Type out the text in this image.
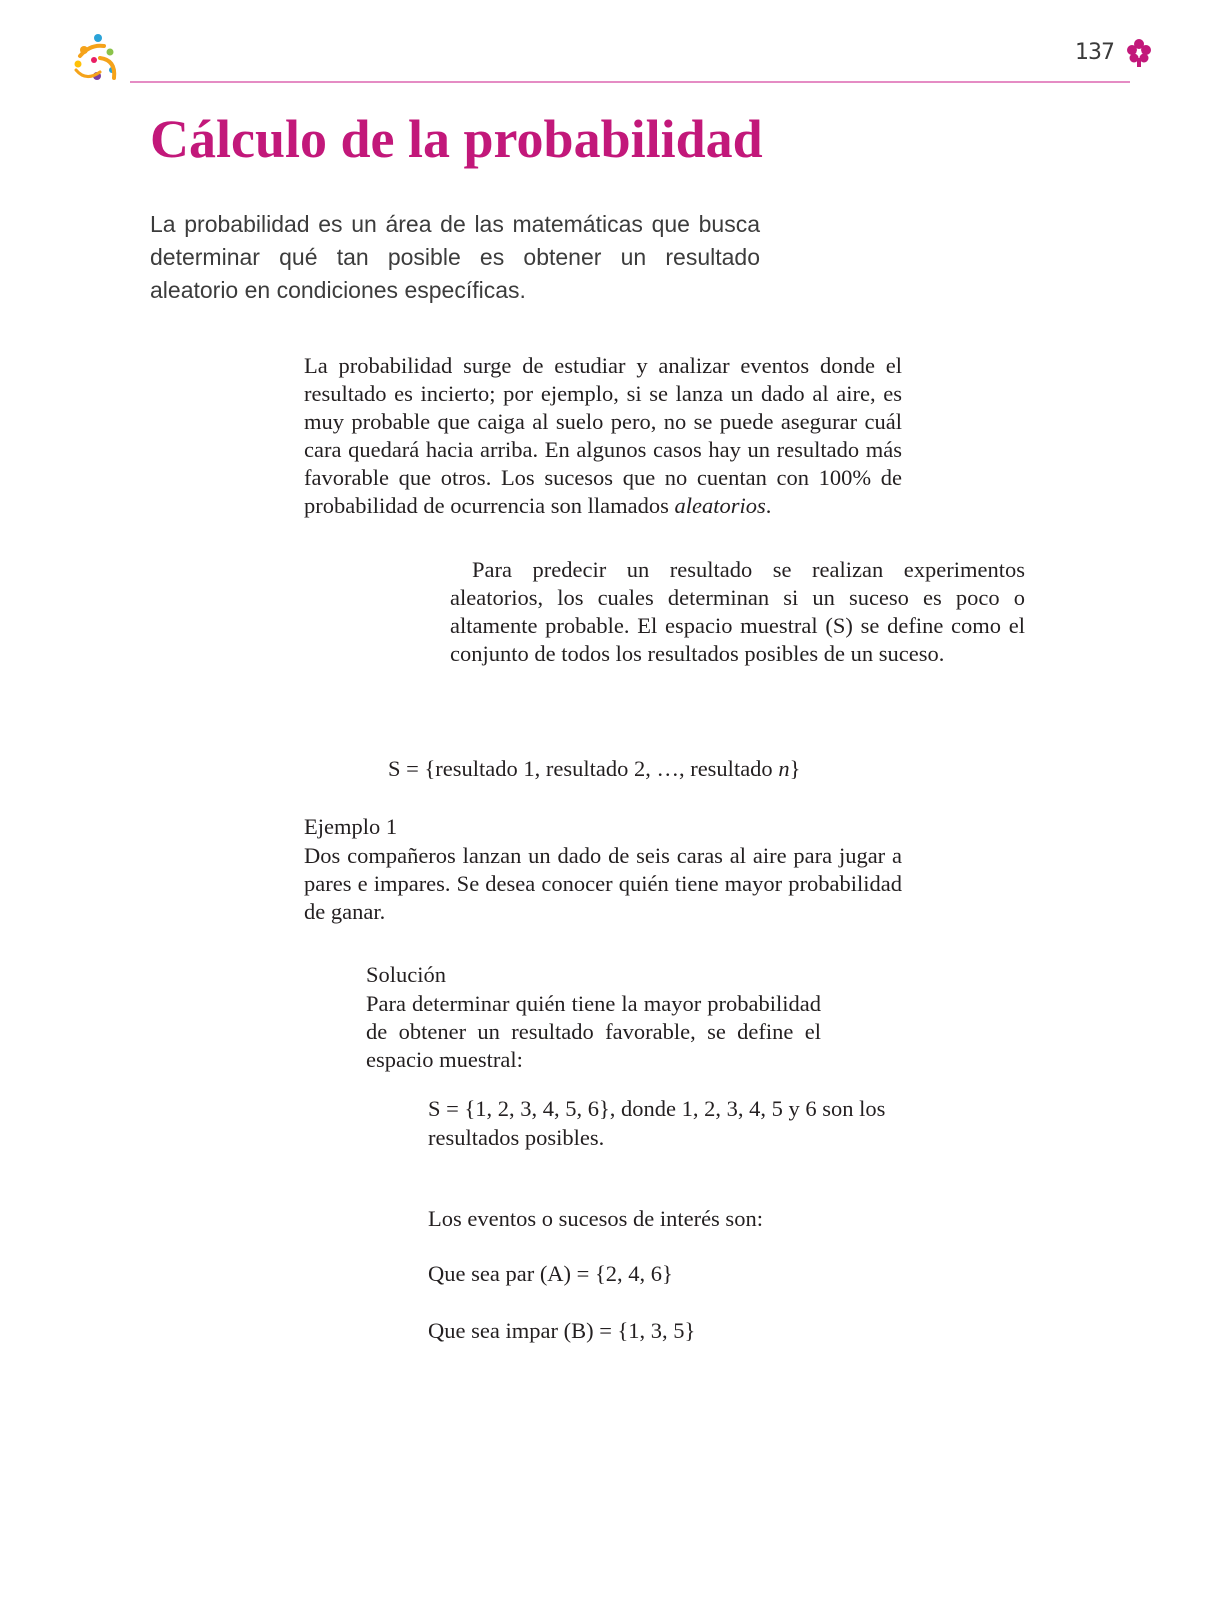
137
Cálculo de la probabilidad

La probabilidad es un área de las matemáticas que busca determinar qué tan posible es obtener un resultado aleatorio en condiciones específicas.

La probabilidad surge de estudiar y analizar eventos donde el resultado es incierto; por ejemplo, si se lanza un dado al aire, es muy probable que caiga al suelo pero, no se puede asegurar cuál cara quedará hacia arriba. En algunos casos hay un resultado más favorable que otros. Los sucesos que no cuentan con 100% de probabilidad de ocurrencia son llamados aleatorios.

Para predecir un resultado se realizan experimentos aleatorios, los cuales determinan si un suceso es poco o altamente probable. El espacio muestral (S) se define como el conjunto de todos los resultados posibles de un suceso.

S = {resultado 1, resultado 2, …, resultado n}
Ejemplo 1

Dos compañeros lanzan un dado de seis caras al aire para jugar a pares e impares. Se desea conocer quién tiene mayor probabilidad de ganar.

Solución

Para determinar quién tiene la mayor probabilidad de obtener un resultado favorable, se define el espacio muestral:

S = {1, 2, 3, 4, 5, 6}, donde 1, 2, 3, 4, 5 y 6 son los resultados posibles.

Los eventos o sucesos de interés son:
Que sea par (A) = {2, 4, 6}
Que sea impar (B) = {1, 3, 5}
